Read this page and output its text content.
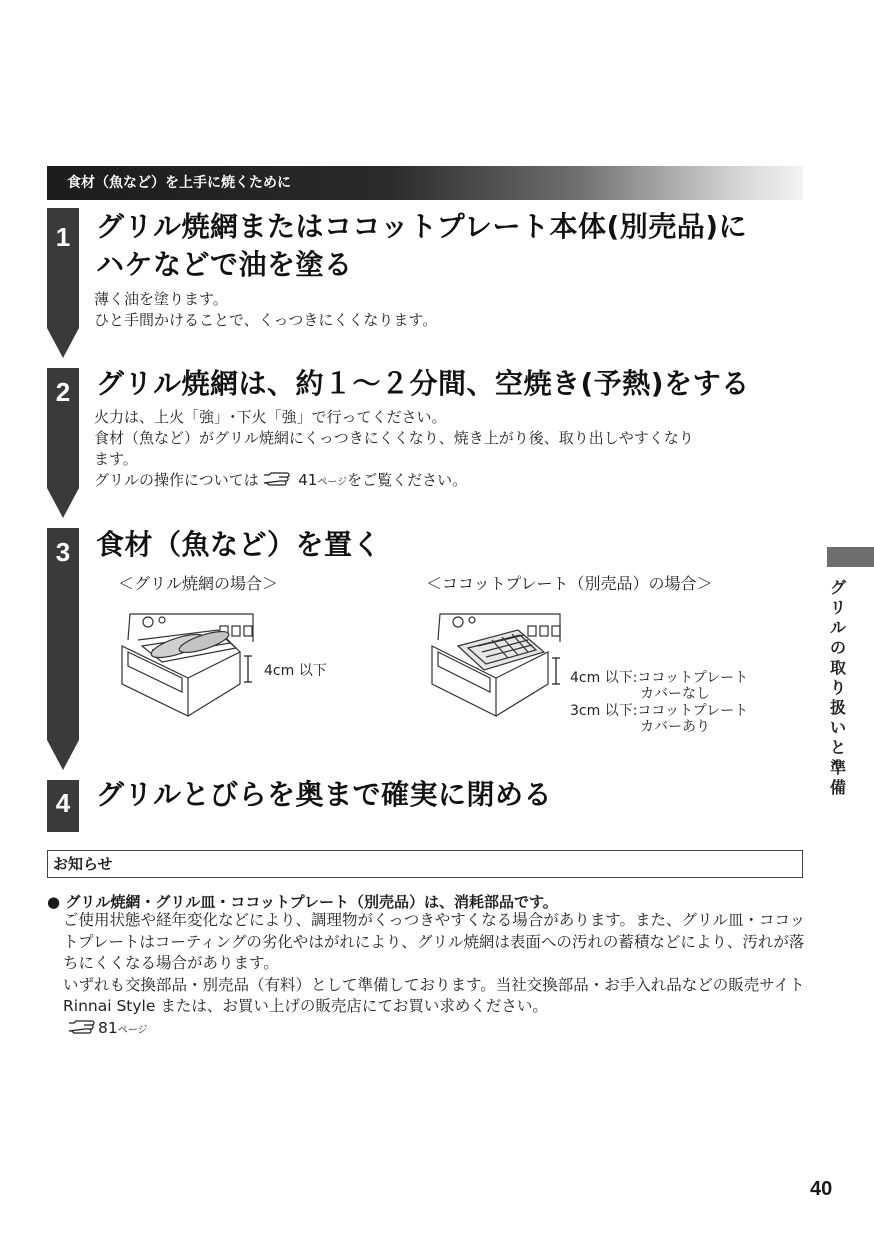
食材（魚など）を上手に焼くために
1
2
3
4
グリル焼網またはココットプレート本体(別売品)に
ハケなどで油を塗る
薄く油を塗ります。
ひと手間かけることで、くっつきにくくなります。
グリル焼網は、約１～２分間、空焼き(予熱)をする
火力は、上火「強」･下火「強」で行ってください。
食材（魚など）がグリル焼網にくっつきにくくなり、焼き上がり後、取り出しやすくなり
ます。
グリルの操作については	41ページをご覧ください。
食材（魚など）を置く
＜グリル焼網の場合＞	＜ココットプレート（別売品）の場合＞
4cm 以下	4cm 以下:ココットプレート
カバーなし
3cm 以下:ココットプレート
カバーあり
グリルとびらを奥まで確実に閉める
お知らせ
● グリル焼網・グリル皿・ココットプレート（別売品）は、消耗部品です。

ご使用状態や経年変化などにより、調理物がくっつきやすくなる場合があります。また、グリル皿・ココットプレートはコーティングの劣化やはがれにより、グリル焼網は表面への汚れの蓄積などにより、汚れが落ちにくくなる場合があります。

いずれも交換部品・別売品（有料）として準備しております。当社交換部品・お手入れ品などの販売サイト Rinnai Style または、お買い上げの販売店にてお買い求めください。

81ページ

グリルの取り扱いと準備
40
